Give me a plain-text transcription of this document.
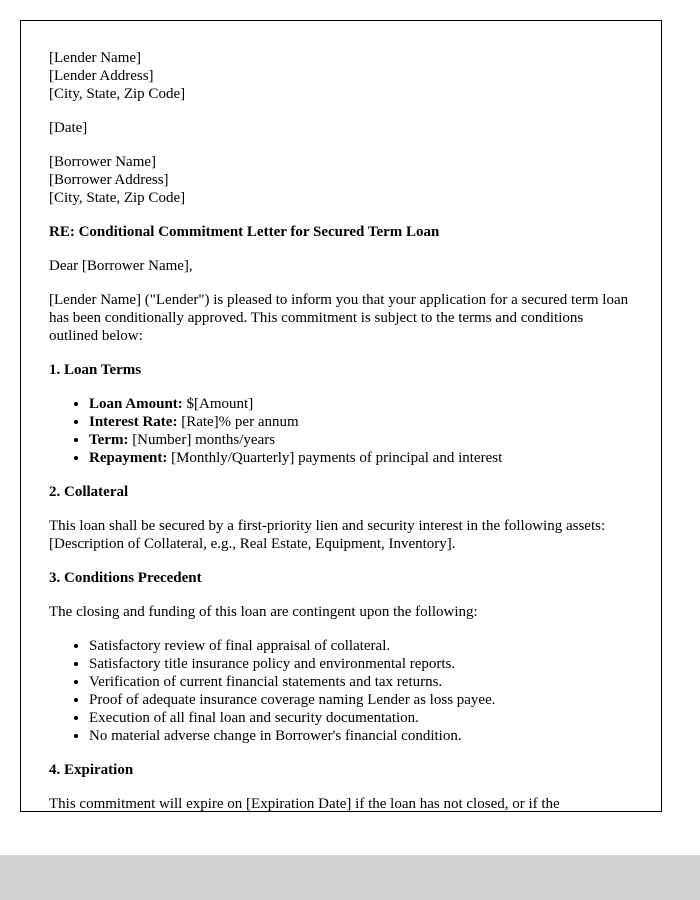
[Lender Name]
[Lender Address]
[City, State, Zip Code]

[Date]

[Borrower Name]
[Borrower Address]
[City, State, Zip Code]

RE: Conditional Commitment Letter for Secured Term Loan

Dear [Borrower Name],

[Lender Name] ("Lender") is pleased to inform you that your application for a secured term loan has been conditionally approved. This commitment is subject to the terms and conditions outlined below:

1. Loan Terms

• Loan Amount: $[Amount]
• Interest Rate: [Rate]% per annum
• Term: [Number] months/years
• Repayment: [Monthly/Quarterly] payments of principal and interest

2. Collateral

This loan shall be secured by a first-priority lien and security interest in the following assets: [Description of Collateral, e.g., Real Estate, Equipment, Inventory].

3. Conditions Precedent

The closing and funding of this loan are contingent upon the following:

• Satisfactory review of final appraisal of collateral.
• Satisfactory title insurance policy and environmental reports.
• Verification of current financial statements and tax returns.
• Proof of adequate insurance coverage naming Lender as loss payee.
• Execution of all final loan and security documentation.
• No material adverse change in Borrower's financial condition.

4. Expiration

This commitment will expire on [Expiration Date] if the loan has not closed, or if the
